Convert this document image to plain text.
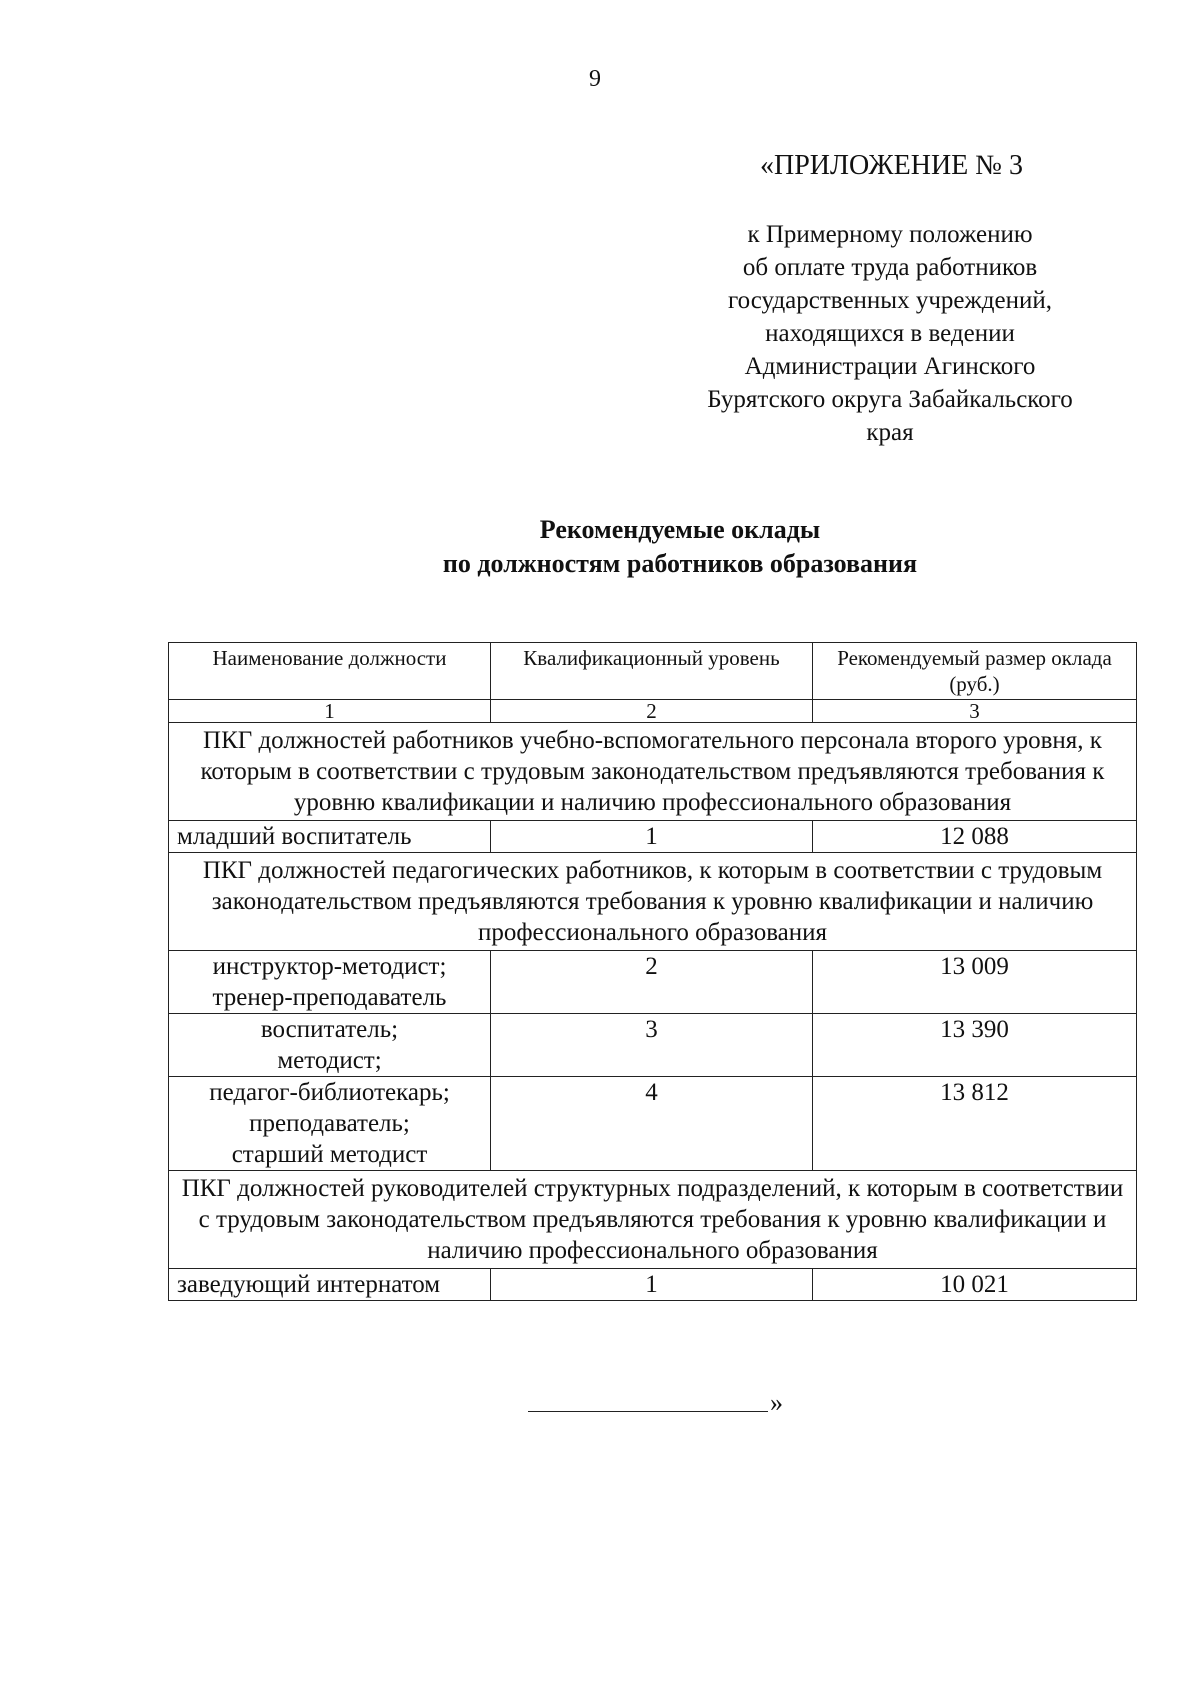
9
«ПРИЛОЖЕНИЕ № 3
к Примерному положению
об оплате труда работников
государственных учреждений,
находящихся в ведении
Администрации Агинского
Бурятского округа Забайкальского
края
Рекомендуемые оклады
по должностям работников образования
Наименование должности	Квалификационный уровень	Рекомендуемый размер оклада (руб.)
1	2	3
ПКГ должностей работников учебно-вспомогательного персонала второго уровня, к которым в соответствии с трудовым законодательством предъявляются требования к уровню квалификации и наличию профессионального образования		

младший воспитатель	1	12 088
ПКГ должностей педагогических работников, к которым в соответствии с трудовым законодательством предъявляются требования к уровню квалификации и наличию профессионального образования		

инструктор-методист;
тренер-преподаватель	2	13 009

воспитатель;
методист;	3	13 390

педагог-библиотекарь;
преподаватель;
старший методист	4	13 812
ПКГ должностей руководителей структурных подразделений, к которым в соответствии с трудовым законодательством предъявляются требования к уровню квалификации и наличию профессионального образования		

заведующий интернатом	1	10 021
»
